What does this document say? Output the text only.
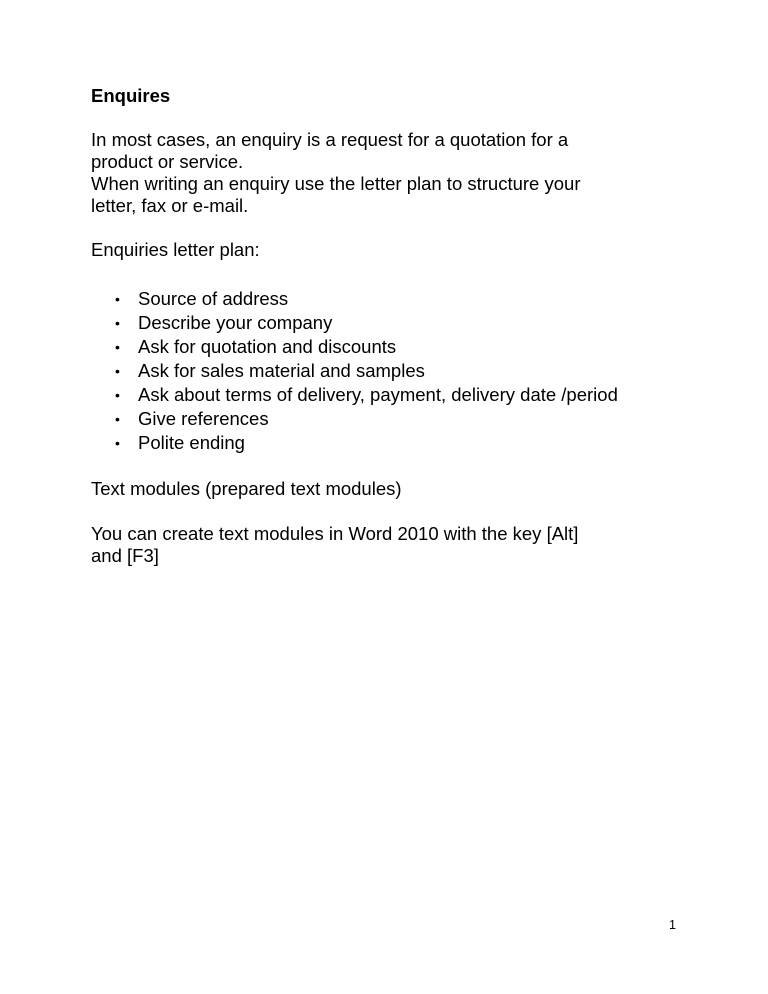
Enquires

In most cases, an enquiry is a request for a quotation for a

product or service.

When writing an enquiry use the letter plan to structure your

letter, fax or e-mail.

Enquiries letter plan:

• Source of address
• Describe your company
• Ask for quotation and discounts
• Ask for sales material and samples
• Ask about terms of delivery, payment, delivery date /period
• Give references
• Polite ending

Text modules (prepared text modules)

You can create text modules in Word 2010 with the key [Alt]

and [F3]

1
